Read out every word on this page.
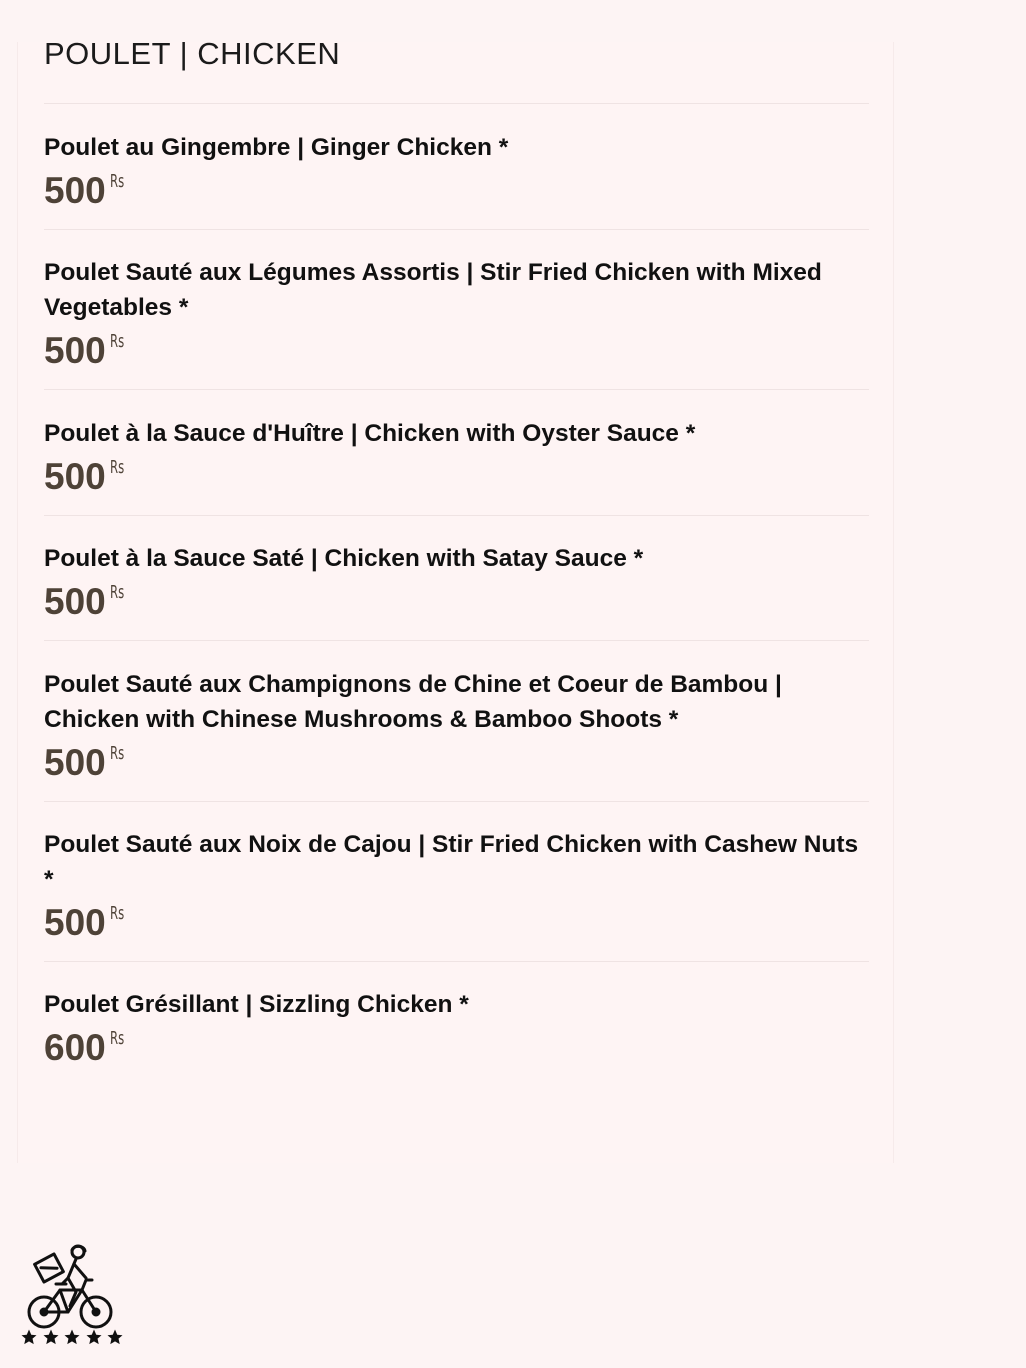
POULET | CHICKEN

Poulet au Gingembre | Ginger Chicken *

500 Rs

Poulet Sauté aux Légumes Assortis | Stir Fried Chicken with Mixed Vegetables *

500 Rs

Poulet à la Sauce d'Huître | Chicken with Oyster Sauce *

500 Rs

Poulet à la Sauce Saté | Chicken with Satay Sauce *

500 Rs

Poulet Sauté aux Champignons de Chine et Coeur de Bambou | Chicken with Chinese Mushrooms & Bamboo Shoots *

500 Rs

Poulet Sauté aux Noix de Cajou | Stir Fried Chicken with Cashew Nuts *

500 Rs

Poulet Grésillant | Sizzling Chicken *

600 Rs
